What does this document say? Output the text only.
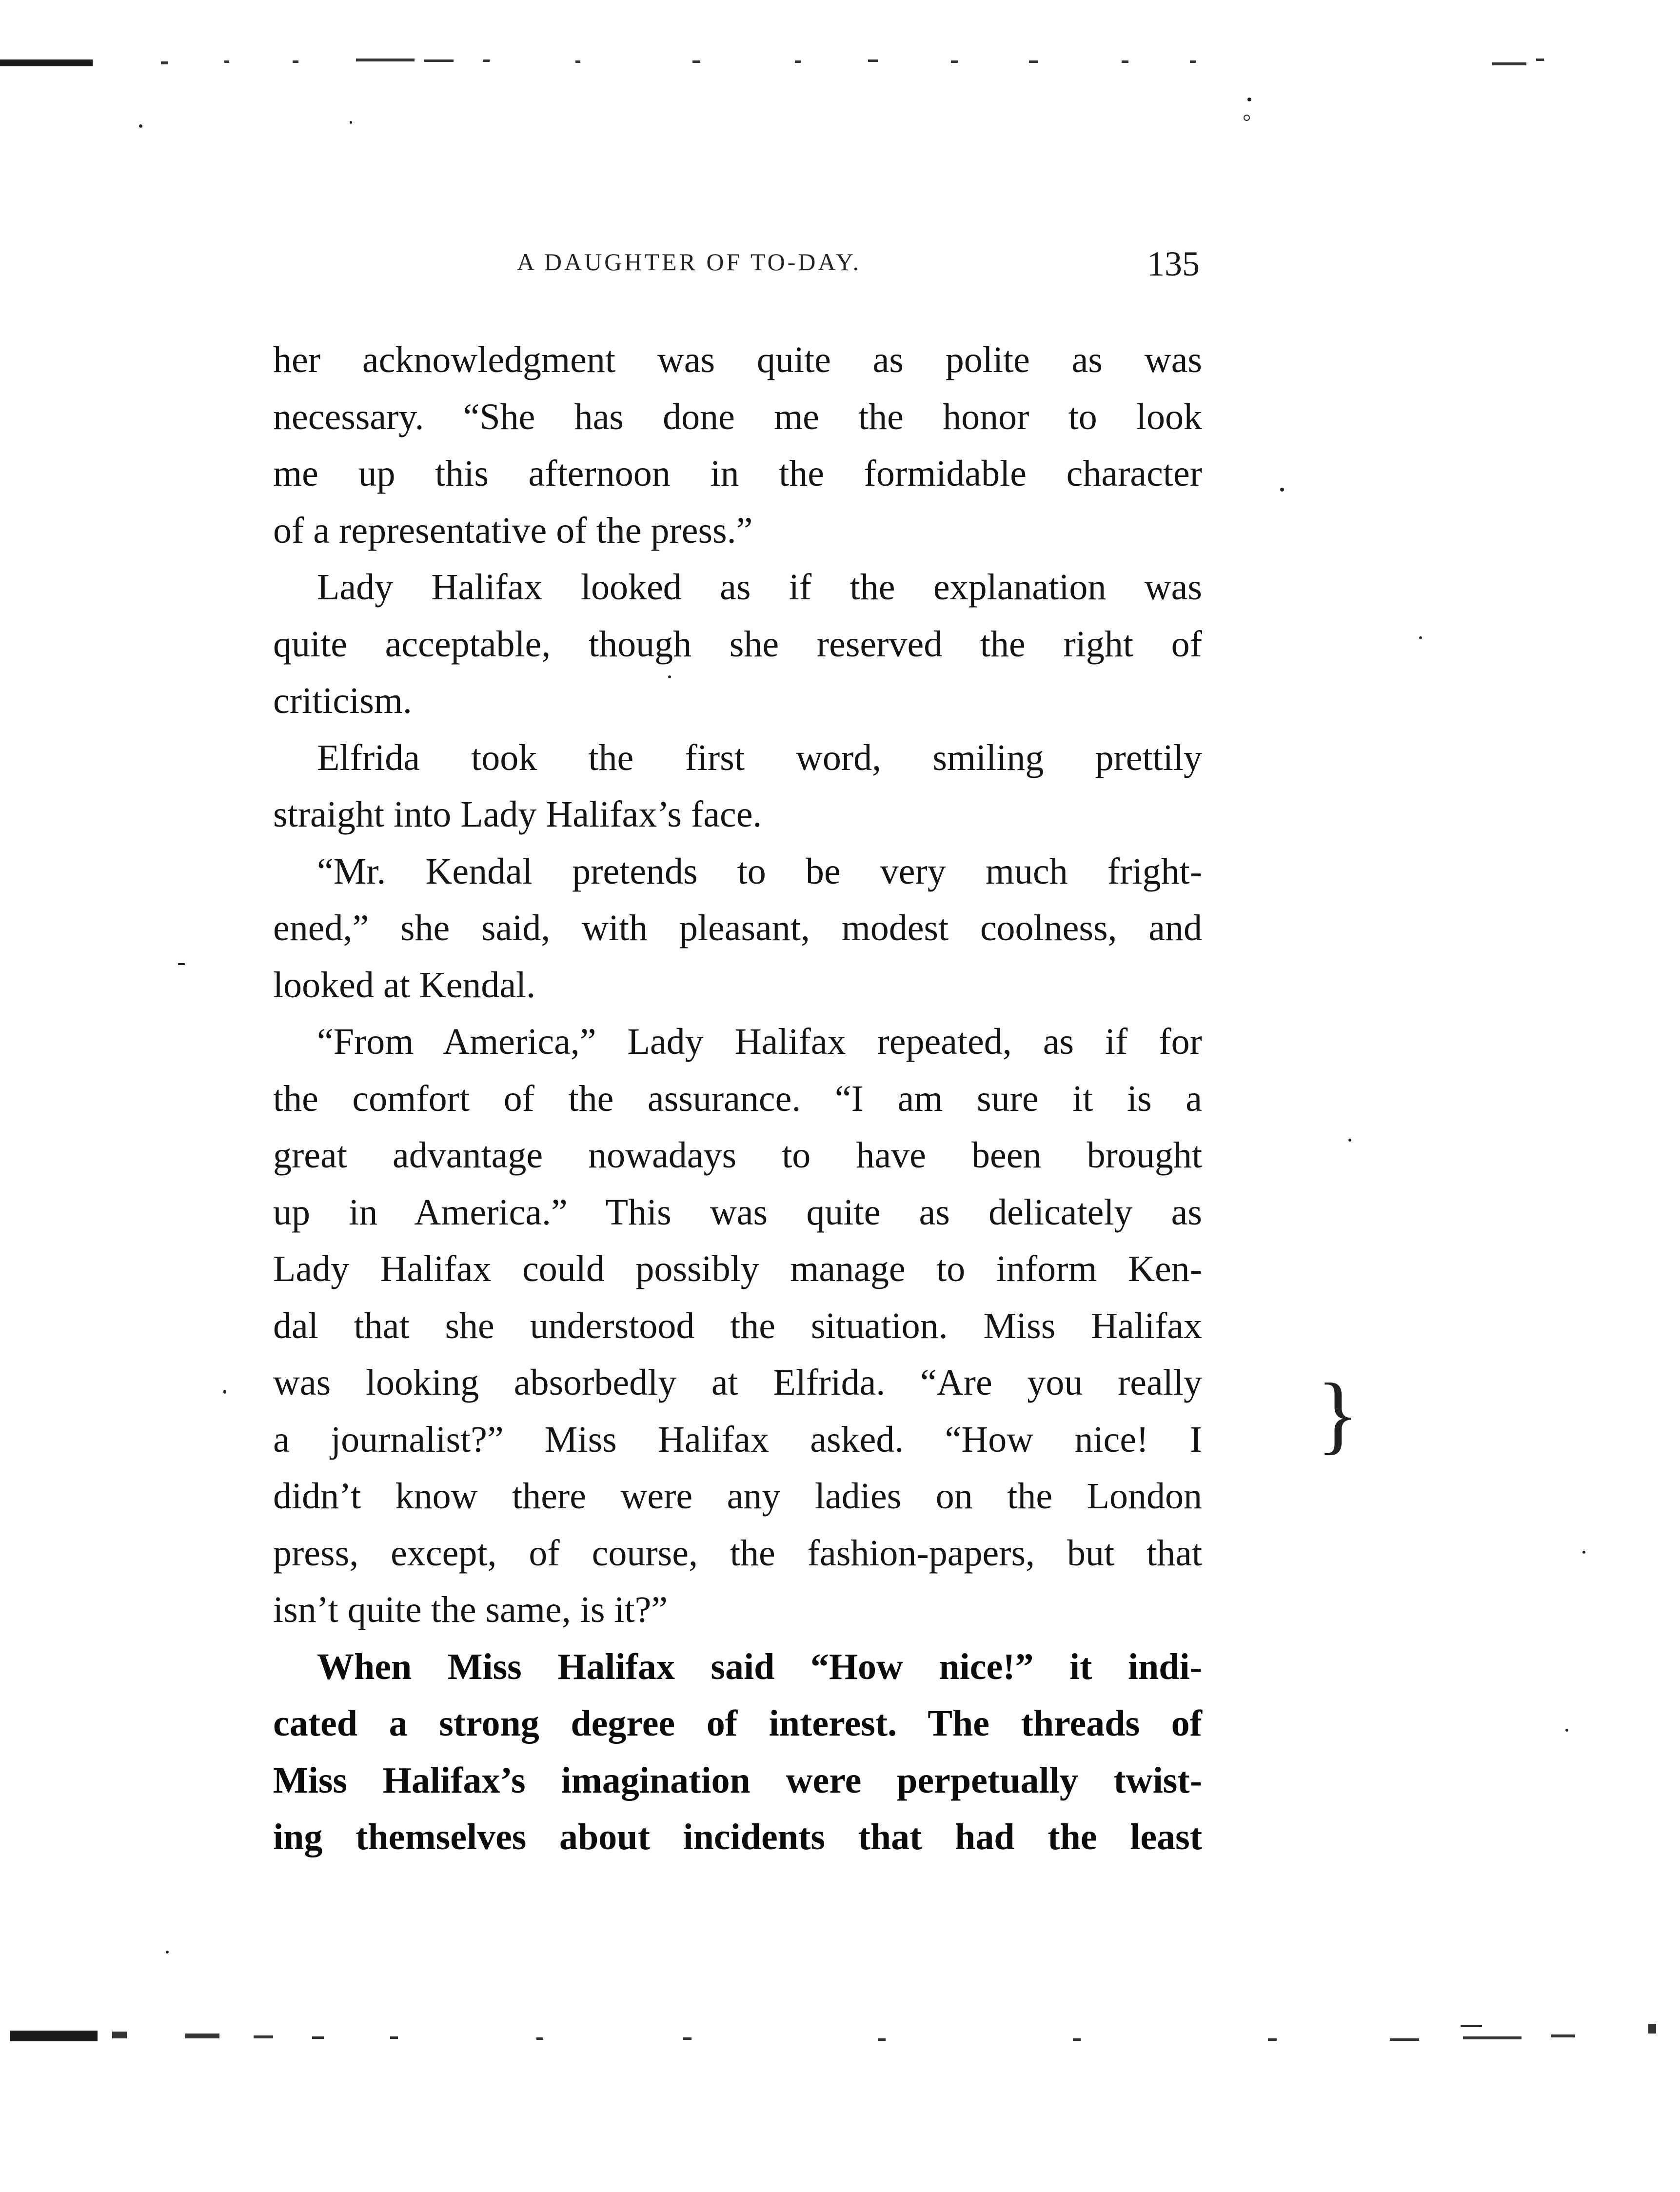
}
A DAUGHTER OF TO-DAY.	135
her acknowledgment was quite as polite as was
necessary. “She has done me the honor to look
me up this afternoon in the formidable character
of a representative of the press.”
Lady Halifax looked as if the explanation was
quite acceptable, though she reserved the right of
criticism.
Elfrida took the first word, smiling prettily
straight into Lady Halifax’s face.
“Mr. Kendal pretends to be very much fright-
ened,” she said, with pleasant, modest coolness, and
looked at Kendal.
“From America,” Lady Halifax repeated, as if for
the comfort of the assurance. “I am sure it is a
great advantage nowadays to have been brought
up in America.” This was quite as delicately as
Lady Halifax could possibly manage to inform Ken-
dal that she understood the situation. Miss Halifax
was looking absorbedly at Elfrida. “Are you really
a journalist?” Miss Halifax asked. “How nice! I
didn’t know there were any ladies on the London
press, except, of course, the fashion-papers, but that
isn’t quite the same, is it?”
When Miss Halifax said “How nice!” it indi-
cated a strong degree of interest. The threads of
Miss Halifax’s imagination were perpetually twist-
ing themselves about incidents that had the least
